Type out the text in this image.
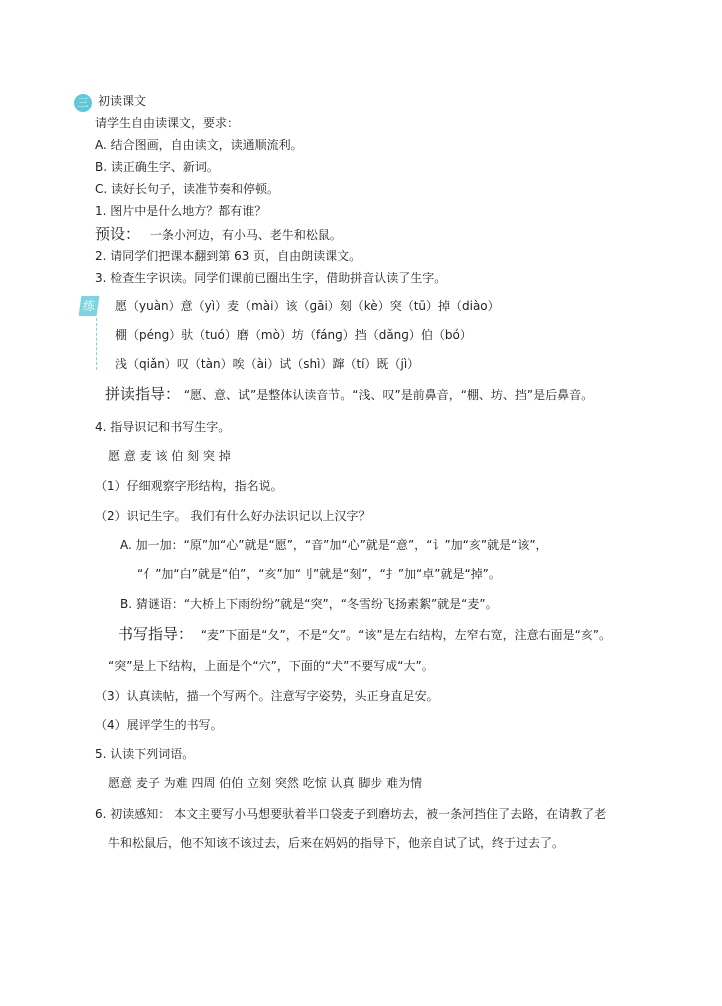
三 初读课文
请学生自由读课文，要求：
A. 结合图画，自由读文，读通顺流利。
B. 读正确生字、新词。
C. 读好长句子，读准节奏和停顿。
1. 图片中是什么地方？都有谁？
预设： 一条小河边，有小马、老牛和松鼠。
2. 请同学们把课本翻到第 63 页，自由朗读课文。
3. 检查生字识读。同学们课前已圈出生字，借助拼音认读了生字。
练 愿（yuàn）意（yì）麦（mài）该（ɡāi）刻（kè）突（tū）掉（diào）
棚（péng）驮（tuó）磨（mò）坊（fánɡ）挡（dǎnɡ）伯（bó）
浅（qiǎn）叹（tàn）唉（ài）试（shì）蹿（tí）既（jì）
拼读指导： “愿、意、试”是整体认读音节。“浅、叹”是前鼻音，“棚、坊、挡”是后鼻音。
4. 指导识记和书写生字。
愿 意 麦 该 伯 刻 突 掉
（1）仔细观察字形结构，指名说。
（2）识记生字。 我们有什么好办法识记以上汉字？
A. 加一加：“原”加“心”就是“愿”，“音”加“心”就是“意”，“讠”加“亥”就是“该”，
“亻”加“白”就是“伯”，“亥”加“刂”就是“刻”，“扌”加“卓”就是“掉”。
B. 猜谜语：“大桥上下雨纷纷”就是“突”，“冬雪纷飞扬素絮”就是“麦”。
书写指导： “麦”下面是“夂”，不是“攵”。“该”是左右结构，左窄右宽，注意右面是“亥”。
“突”是上下结构，上面是个“穴”，下面的“犬”不要写成“大”。
（3）认真读帖，描一个写两个。注意写字姿势，头正身直足安。
（4）展评学生的书写。
5. 认读下列词语。
愿意 麦子 为难 四周 伯伯 立刻 突然 吃惊 认真 脚步 难为情
6. 初读感知： 本文主要写小马想要驮着半口袋麦子到磨坊去，被一条河挡住了去路，在请教了老
牛和松鼠后，他不知该不该过去，后来在妈妈的指导下，他亲自试了试，终于过去了。
